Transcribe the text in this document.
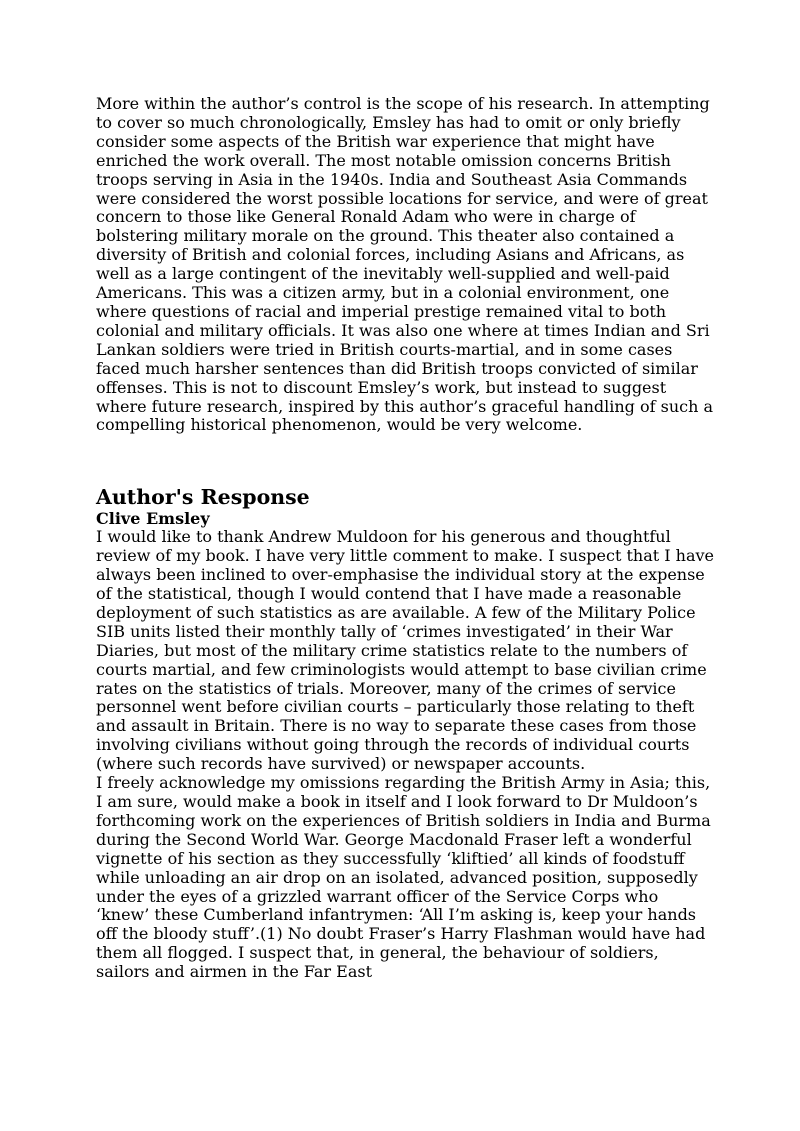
More within the author’s control is the scope of his research. In attempting to cover so much chronologically, Emsley has had to omit or only briefly consider some aspects of the British war experience that might have enriched the work overall. The most notable omission concerns British troops serving in Asia in the 1940s. India and Southeast Asia Commands were considered the worst possible locations for service, and were of great concern to those like General Ronald Adam who were in charge of bolstering military morale on the ground. This theater also contained a diversity of British and colonial forces, including Asians and Africans, as well as a large contingent of the inevitably well-supplied and well-paid Americans. This was a citizen army, but in a colonial environment, one where questions of racial and imperial prestige remained vital to both colonial and military officials. It was also one where at times Indian and Sri Lankan soldiers were tried in British courts-martial, and in some cases faced much harsher sentences than did British troops convicted of similar offenses. This is not to discount Emsley’s work, but instead to suggest where future research, inspired by this author’s graceful handling of such a compelling historical phenomenon, would be very welcome.

Author's Response

Clive Emsley

I would like to thank Andrew Muldoon for his generous and thoughtful review of my book. I have very little comment to make. I suspect that I have always been inclined to over-emphasise the individual story at the expense of the statistical, though I would contend that I have made a reasonable deployment of such statistics as are available. A few of the Military Police SIB units listed their monthly tally of ‘crimes investigated’ in their War Diaries, but most of the military crime statistics relate to the numbers of courts martial, and few criminologists would attempt to base civilian crime rates on the statistics of trials. Moreover, many of the crimes of service personnel went before civilian courts – particularly those relating to theft and assault in Britain. There is no way to separate these cases from those involving civilians without going through the records of individual courts (where such records have survived) or newspaper accounts.

I freely acknowledge my omissions regarding the British Army in Asia; this, I am sure, would make a book in itself and I look forward to Dr Muldoon’s forthcoming work on the experiences of British soldiers in India and Burma during the Second World War. George Macdonald Fraser left a wonderful vignette of his section as they successfully ‘kliftied’ all kinds of foodstuff while unloading an air drop on an isolated, advanced position, supposedly under the eyes of a grizzled warrant officer of the Service Corps who ‘knew’ these Cumberland infantrymen: ‘All I’m asking is, keep your hands off the bloody stuff’.(1) No doubt Fraser’s Harry Flashman would have had them all flogged. I suspect that, in general, the behaviour of soldiers, sailors and airmen in the Far East
